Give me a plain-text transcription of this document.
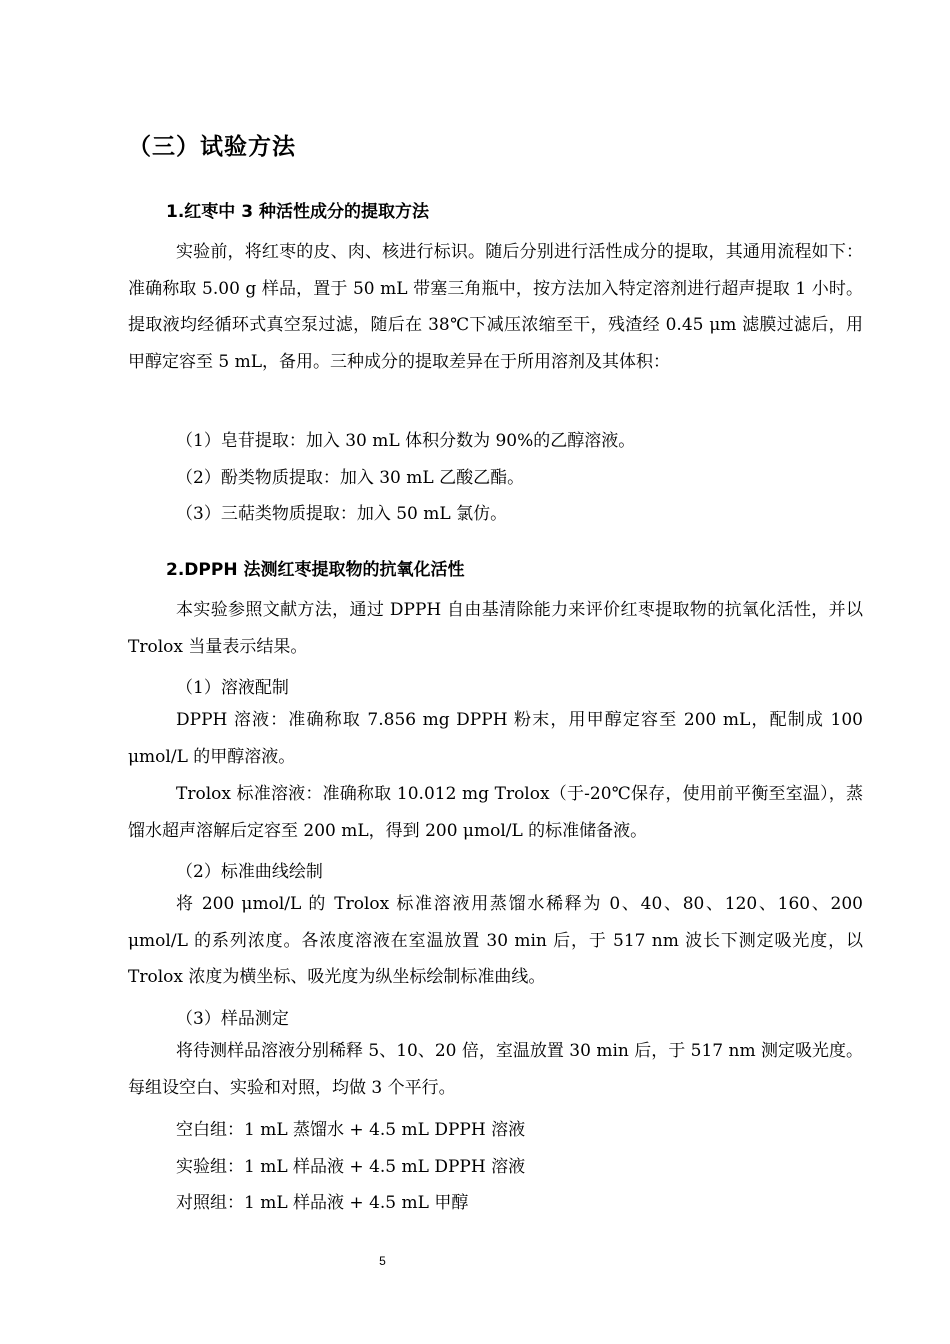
（三）试验方法
1.红枣中 3 种活性成分的提取方法

实验前，将红枣的皮、肉、核进行标识。随后分别进行活性成分的提取，其通用流程如下：准确称取 5.00 g 样品，置于 50 mL 带塞三角瓶中，按方法加入特定溶剂进行超声提取 1 小时。提取液均经循环式真空泵过滤，随后在 38℃下减压浓缩至干，残渣经 0.45 μm 滤膜过滤后，用甲醇定容至 5 mL，备用。三种成分的提取差异在于所用溶剂及其体积：

（1）皂苷提取：加入 30 mL 体积分数为 90%的乙醇溶液。
（2）酚类物质提取：加入 30 mL 乙酸乙酯。
（3）三萜类物质提取：加入 50 mL 氯仿。
2.DPPH 法测红枣提取物的抗氧化活性

本实验参照文献方法，通过 DPPH 自由基清除能力来评价红枣提取物的抗氧化活性，并以 Trolox 当量表示结果。

（1）溶液配制

DPPH 溶液：准确称取 7.856 mg DPPH 粉末，用甲醇定容至 200 mL，配制成 100 μmol/L 的甲醇溶液。

Trolox 标准溶液：准确称取 10.012 mg Trolox（于-20℃保存，使用前平衡至室温），蒸馏水超声溶解后定容至 200 mL，得到 200 μmol/L 的标准储备液。

（2）标准曲线绘制

将 200 μmol/L 的 Trolox 标准溶液用蒸馏水稀释为 0、40、80、120、160、200 μmol/L 的系列浓度。各浓度溶液在室温放置 30 min 后，于 517 nm 波长下测定吸光度，以 Trolox 浓度为横坐标、吸光度为纵坐标绘制标准曲线。

（3）样品测定

将待测样品溶液分别稀释 5、10、20 倍，室温放置 30 min 后，于 517 nm 测定吸光度。每组设空白、实验和对照，均做 3 个平行。

空白组：1 mL 蒸馏水 + 4.5 mL DPPH 溶液
实验组：1 mL 样品液 + 4.5 mL DPPH 溶液
对照组：1 mL 样品液 + 4.5 mL 甲醇
5
